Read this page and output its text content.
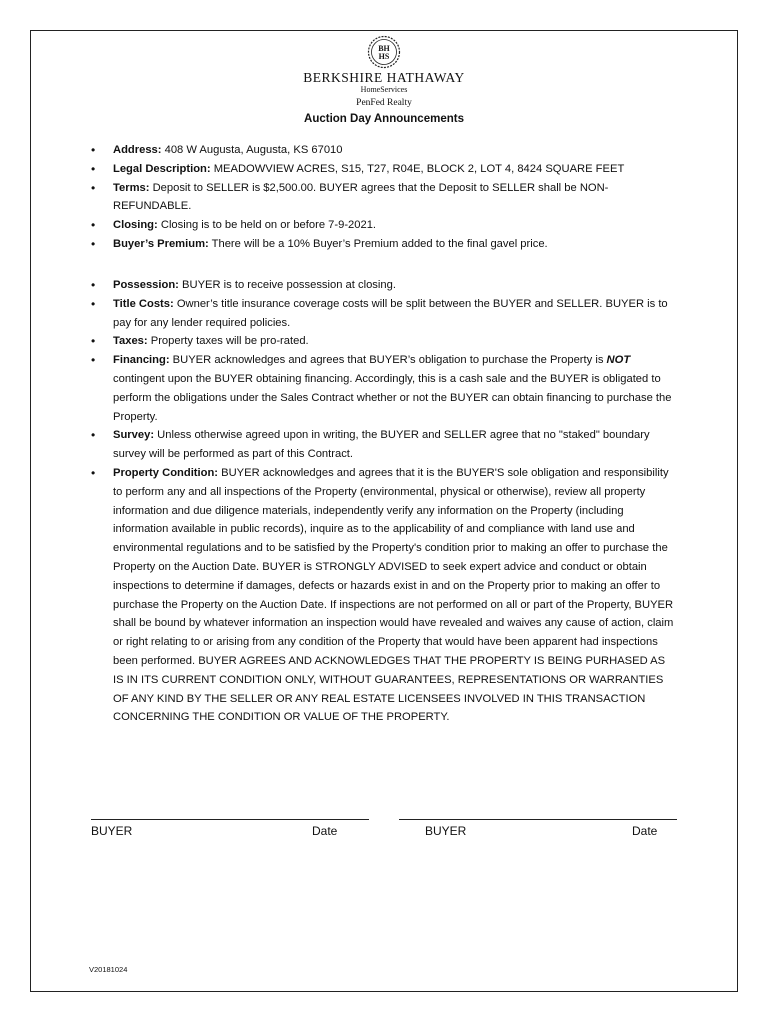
BH
HS
BERKSHIRE HATHAWAY
HomeServices
PenFed Realty
Auction Day Announcements
• Address: 408 W Augusta, Augusta, KS 67010
• Legal Description: MEADOWVIEW ACRES, S15, T27, R04E, BLOCK 2, LOT 4, 8424 SQUARE FEET
• Terms: Deposit to SELLER is $2,500.00. BUYER agrees that the Deposit to SELLER shall be NON-REFUNDABLE.
• Closing: Closing is to be held on or before 7-9-2021.
• Buyer’s Premium: There will be a 10% Buyer’s Premium added to the final gavel price.
• Possession: BUYER is to receive possession at closing.
• Title Costs: Owner’s title insurance coverage costs will be split between the BUYER and SELLER. BUYER is to pay for any lender required policies.
• Taxes: Property taxes will be pro-rated.
• Financing: BUYER acknowledges and agrees that BUYER’s obligation to purchase the Property is NOT contingent upon the BUYER obtaining financing. Accordingly, this is a cash sale and the BUYER is obligated to perform the obligations under the Sales Contract whether or not the BUYER can obtain financing to purchase the Property.
• Survey: Unless otherwise agreed upon in writing, the BUYER and SELLER agree that no "staked" boundary survey will be performed as part of this Contract.
• Property Condition: BUYER acknowledges and agrees that it is the BUYER'S sole obligation and responsibility to perform any and all inspections of the Property (environmental, physical or otherwise), review all property information and due diligence materials, independently verify any information on the Property (including information available in public records), inquire as to the applicability of and compliance with land use and environmental regulations and to be satisfied by the Property's condition prior to making an offer to purchase the Property on the Auction Date. BUYER is STRONGLY ADVISED to seek expert advice and conduct or obtain inspections to determine if damages, defects or hazards exist in and on the Property prior to making an offer to purchase the Property on the Auction Date. If inspections are not performed on all or part of the Property, BUYER shall be bound by whatever information an inspection would have revealed and waives any cause of action, claim or right relating to or arising from any condition of the Property that would have been apparent had inspections been performed. BUYER AGREES AND ACKNOWLEDGES THAT THE PROPERTY IS BEING PURHASED AS IS IN ITS CURRENT CONDITION ONLY, WITHOUT GUARANTEES, REPRESENTATIONS OR WARRANTIES OF ANY KIND BY THE SELLER OR ANY REAL ESTATE LICENSEES INVOLVED IN THIS TRANSACTION CONCERNING THE CONDITION OR VALUE OF THE PROPERTY.
BUYER	Date	BUYER	Date
V20181024
